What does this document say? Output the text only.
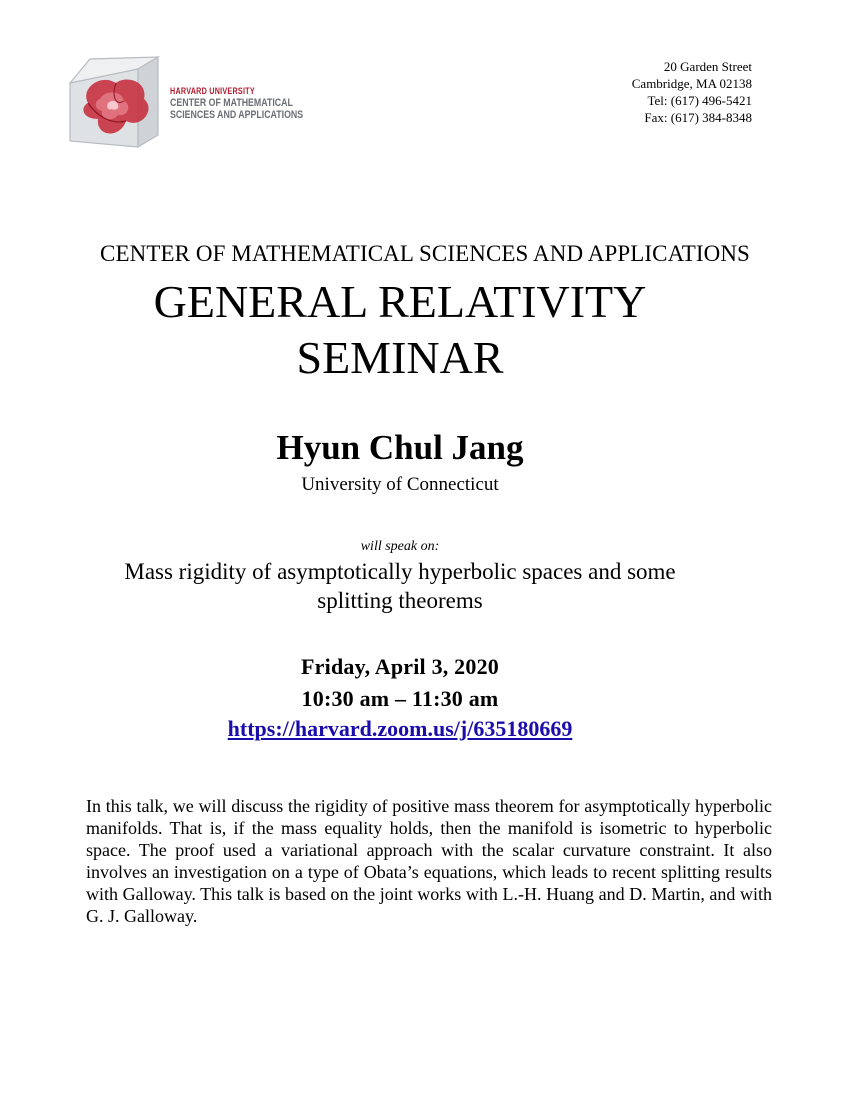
HARVARD UNIVERSITY
CENTER OF MATHEMATICAL
SCIENCES AND APPLICATIONS
20 Garden Street
Cambridge, MA 02138
Tel: (617) 496-5421
Fax: (617) 384-8348
CENTER OF MATHEMATICAL SCIENCES AND APPLICATIONS
GENERAL RELATIVITY
SEMINAR
Hyun Chul Jang
University of Connecticut
will speak on:
Mass rigidity of asymptotically hyperbolic spaces and some
splitting theorems
Friday, April 3, 2020
10:30 am – 11:30 am
https://harvard.zoom.us/j/635180669

In this talk, we will discuss the rigidity of positive mass theorem for asymptotically hyperbolic manifolds. That is, if the mass equality holds, then the manifold is isometric to hyperbolic space. The proof used a variational approach with the scalar curvature constraint. It also involves an investigation on a type of Obata’s equations, which leads to recent splitting results with Galloway. This talk is based on the joint works with L.-H. Huang and D. Martin, and with G. J. Galloway.
